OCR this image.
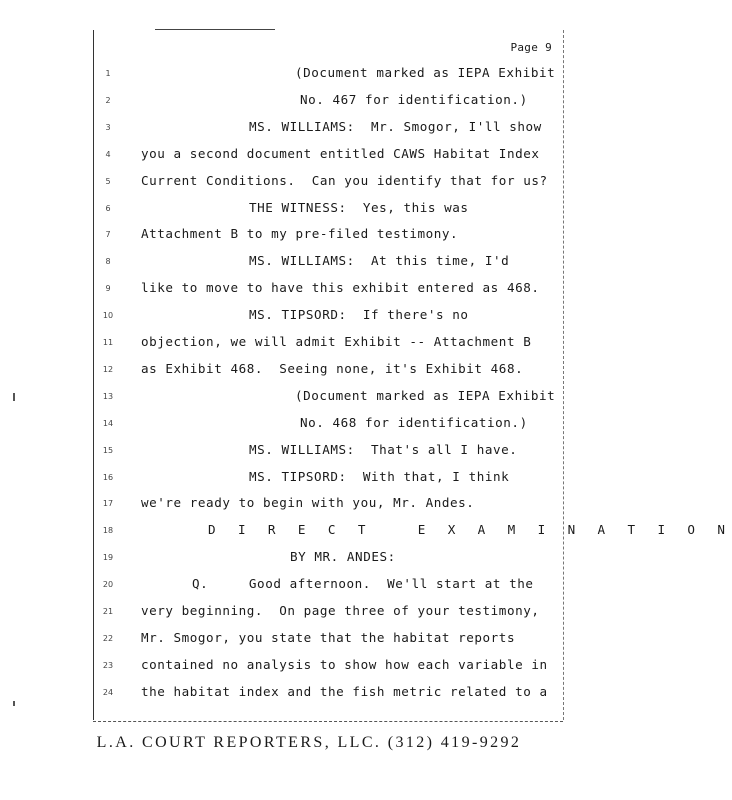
Page 9
1	(Document marked as IEPA Exhibit
2	No. 467 for identification.)
3	MS. WILLIAMS:  Mr. Smogor, I'll show
4	you a second document entitled CAWS Habitat Index
5	Current Conditions.  Can you identify that for us?
6	THE WITNESS:  Yes, this was
7	Attachment B to my pre-filed testimony.
8	MS. WILLIAMS:  At this time, I'd
9	like to move to have this exhibit entered as 468.
10	MS. TIPSORD:  If there's no
11	objection, we will admit Exhibit -- Attachment B
12	as Exhibit 468.  Seeing none, it's Exhibit 468.
13	(Document marked as IEPA Exhibit
14	No. 468 for identification.)
15	MS. WILLIAMS:  That's all I have.
16	MS. TIPSORD:  With that, I think
17	we're ready to begin with you, Mr. Andes.
18	D I R E C T   E X A M I N A T I O N
19	BY MR. ANDES:
20	Q.     Good afternoon.  We'll start at the
21	very beginning.  On page three of your testimony,
22	Mr. Smogor, you state that the habitat reports
23	contained no analysis to show how each variable in
24	the habitat index and the fish metric related to a
L.A. COURT REPORTERS, LLC. (312) 419-9292
